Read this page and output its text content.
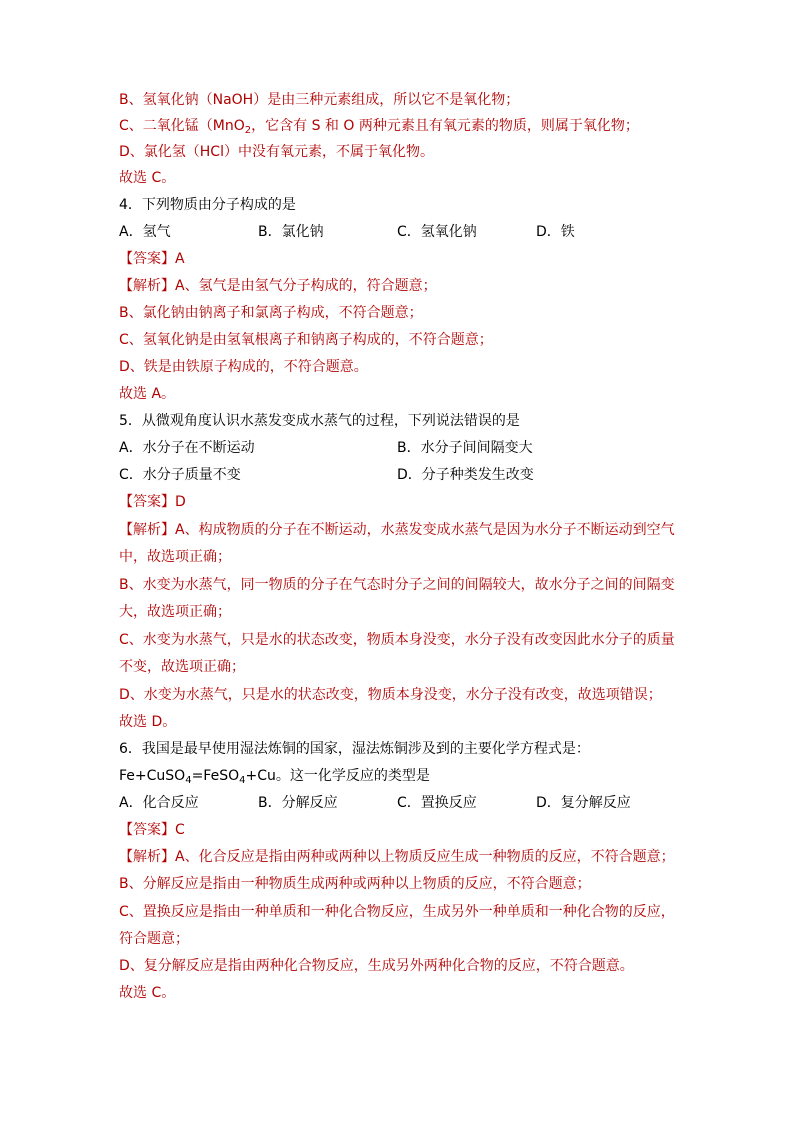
B、氢氧化钠（NaOH）是由三种元素组成，所以它不是氧化物；
C、二氧化锰（MnO$_2$，它含有 S 和 O 两种元素且有氧元素的物质，则属于氧化物；
D、氯化氢（HCl）中没有氧元素，不属于氧化物。
故选 C。
4．下列物质由分子构成的是
A．氢气	B．氯化钠	C．氢氧化钠	D．铁
【答案】A
【解析】A、氢气是由氢气分子构成的，符合题意；
B、氯化钠由钠离子和氯离子构成，不符合题意；
C、氢氧化钠是由氢氧根离子和钠离子构成的，不符合题意；
D、铁是由铁原子构成的，不符合题意。
故选 A。
5．从微观角度认识水蒸发变成水蒸气的过程，下列说法错误的是
A．水分子在不断运动	B．水分子间间隔变大
C．水分子质量不变	D．分子种类发生改变
【答案】D
【解析】A、构成物质的分子在不断运动，水蒸发变成水蒸气是因为水分子不断运动到空气
中，故选项正确；
B、水变为水蒸气，同一物质的分子在气态时分子之间的间隔较大，故水分子之间的间隔变
大，故选项正确；
C、水变为水蒸气，只是水的状态改变，物质本身没变，水分子没有改变因此水分子的质量
不变，故选项正确；
D、水变为水蒸气，只是水的状态改变，物质本身没变，水分子没有改变，故选项错误；
故选 D。
6．我国是最早使用湿法炼铜的国家，湿法炼铜涉及到的主要化学方程式是：
Fe+CuSO$_4$=FeSO$_4$+Cu。这一化学反应的类型是
A．化合反应	B．分解反应	C．置换反应	D．复分解反应
【答案】C
【解析】A、化合反应是指由两种或两种以上物质反应生成一种物质的反应，不符合题意；
B、分解反应是指由一种物质生成两种或两种以上物质的反应，不符合题意；
C、置换反应是指由一种单质和一种化合物反应，生成另外一种单质和一种化合物的反应，
符合题意；
D、复分解反应是指由两种化合物反应，生成另外两种化合物的反应，不符合题意。
故选 C。
